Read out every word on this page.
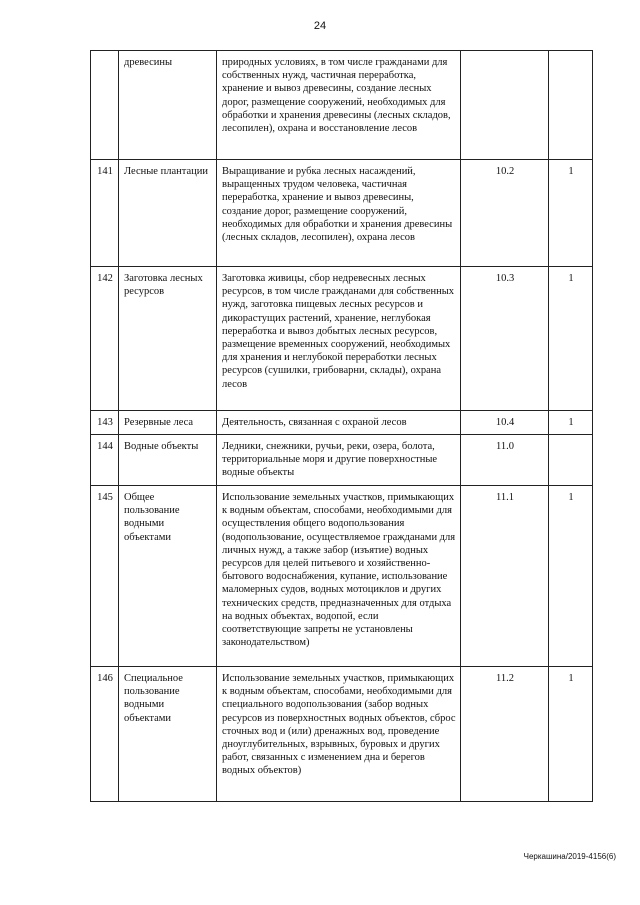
24
	древесины	природных условиях, в том числе гражданами для собственных нужд, частичная переработка, хранение и вывоз древесины, создание лесных дорог, размещение сооружений, необходимых для обработки и хранения древесины (лесных складов, лесопилен), охрана и восстановление лесов		
141	Лесные плантации	Выращивание и рубка лесных насаждений, выращенных трудом человека, частичная переработка, хранение и вывоз древесины, создание дорог, размещение сооружений, необходимых для обработки и хранения древесины (лесных складов, лесопилен), охрана лесов	10.2	1
142	Заготовка лесных ресурсов	Заготовка живицы, сбор недревесных лесных ресурсов, в том числе гражданами для собственных нужд, заготовка пищевых лесных ресурсов и дикорастущих растений, хранение, неглубокая переработка и вывоз добытых лесных ресурсов, размещение временных сооружений, необходимых для хранения и неглубокой переработки лесных ресурсов (сушилки, грибоварни, склады), охрана лесов	10.3	1
143	Резервные леса	Деятельность, связанная с охраной лесов	10.4	1
144	Водные объекты	Ледники, снежники, ручьи, реки, озера, болота, территориальные моря и другие поверхностные водные объекты	11.0	
145	Общее пользование водными объектами	Использование земельных участков, примыкающих к водным объектам, способами, необходимыми для осуществления общего водопользования (водопользование, осуществляемое гражданами для личных нужд, а также забор (изъятие) водных ресурсов для целей питьевого и хозяйственно-бытового водоснабжения, купание, использование маломерных судов, водных мотоциклов и других технических средств, предназначенных для отдыха на водных объектах, водопой, если соответствующие запреты не установлены законодательством)	11.1	1
146	Специальное пользование водными объектами	Использование земельных участков, примыкающих к водным объектам, способами, необходимыми для специального водопользования (забор водных ресурсов из поверхностных водных объектов, сброс сточных вод и (или) дренажных вод, проведение дноуглубительных, взрывных, буровых и других работ, связанных с изменением дна и берегов водных объектов)	11.2	1
Черкашина/2019-4156(6)
